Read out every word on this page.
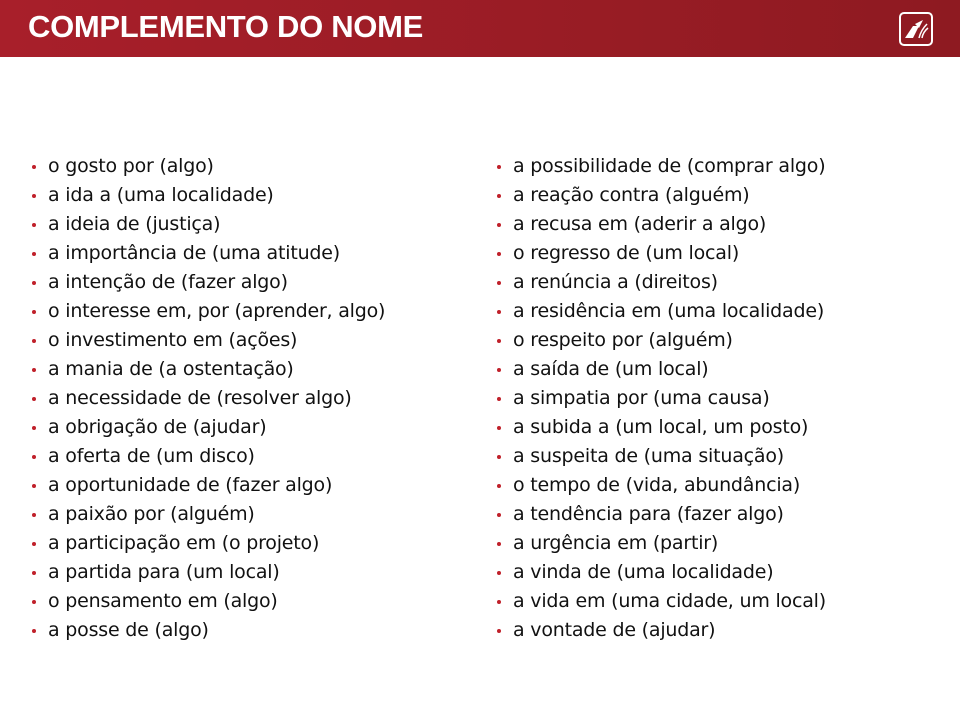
COMPLEMENTO DO NOME
o gosto por (algo)
a ida a (uma localidade)
a ideia de (justiça)
a importância de (uma atitude)
a intenção de (fazer algo)
o interesse em, por (aprender, algo)
o investimento em (ações)
a mania de (a ostentação)
a necessidade de (resolver algo)
a obrigação de (ajudar)
a oferta de (um disco)
a oportunidade de (fazer algo)
a paixão por (alguém)
a participação em (o projeto)
a partida para (um local)
o pensamento em (algo)
a posse de (algo)
a possibilidade de (comprar algo)
a reação contra (alguém)
a recusa em (aderir a algo)
o regresso de (um local)
a renúncia a (direitos)
a residência em (uma localidade)
o respeito por (alguém)
a saída de (um local)
a simpatia por (uma causa)
a subida a (um local, um posto)
a suspeita de (uma situação)
o tempo de (vida, abundância)
a tendência para (fazer algo)
a urgência em (partir)
a vinda de (uma localidade)
a vida em (uma cidade, um local)
a vontade de (ajudar)
